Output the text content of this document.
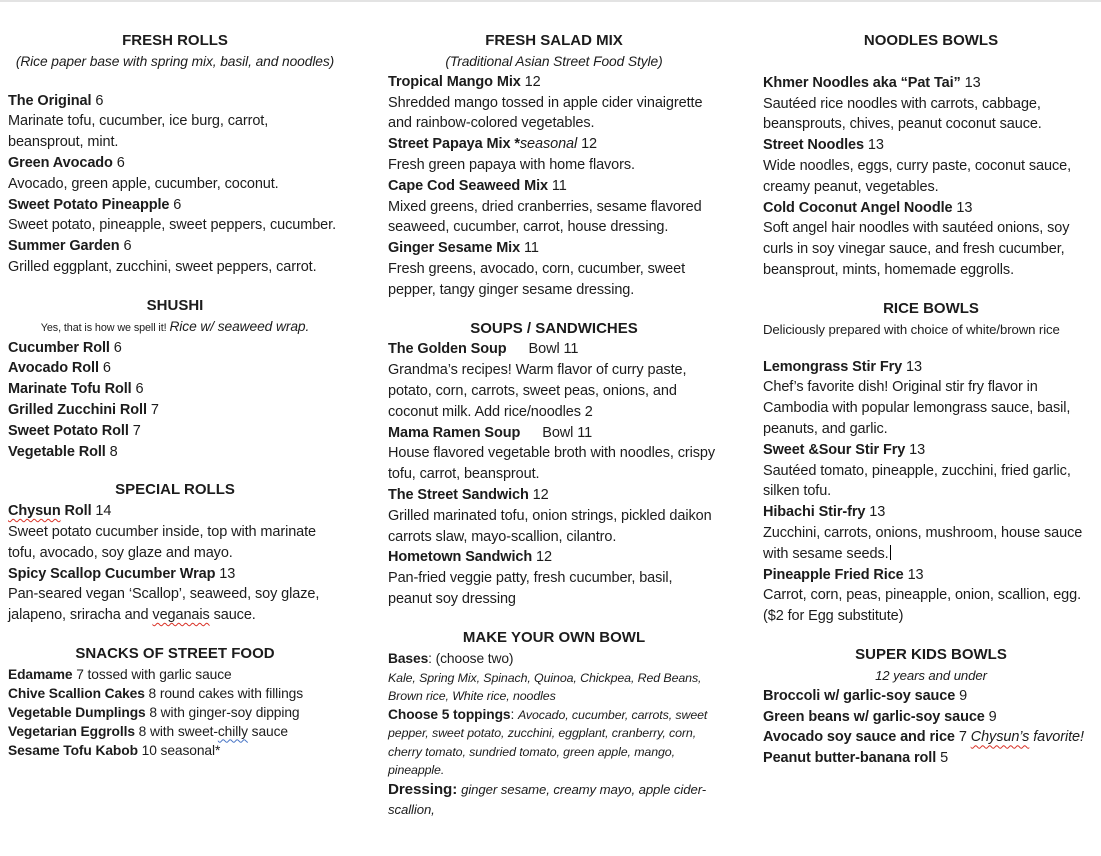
FRESH ROLLS

(Rice paper base with spring mix, basil, and noodles)

The Original 6

Marinate tofu, cucumber, ice burg, carrot, beansprout, mint.

Green Avocado 6

Avocado, green apple, cucumber, coconut.

Sweet Potato Pineapple 6

Sweet potato, pineapple, sweet peppers, cucumber.

Summer Garden 6

Grilled eggplant, zucchini, sweet peppers, carrot.

SHUSHI

Yes, that is how we spell it! Rice w/ seaweed wrap.

Cucumber Roll 6

Avocado Roll 6

Marinate Tofu Roll 6

Grilled Zucchini Roll 7

Sweet Potato Roll 7

Vegetable Roll 8

SPECIAL ROLLS

Chysun Roll 14

Sweet potato cucumber inside, top with marinate tofu, avocado, soy glaze and mayo.

Spicy Scallop Cucumber Wrap 13

Pan-seared vegan ‘Scallop’, seaweed, soy glaze, jalapeno, sriracha and veganais sauce.

SNACKS OF STREET FOOD

Edamame 7 tossed with garlic sauce

Chive Scallion Cakes 8 round cakes with fillings

Vegetable Dumplings 8 with ginger-soy dipping

Vegetarian Eggrolls 8 with sweet-chilly sauce

Sesame Tofu Kabob 10 seasonal*

FRESH SALAD MIX

(Traditional Asian Street Food Style)

Tropical Mango Mix 12

Shredded mango tossed in apple cider vinaigrette and rainbow-colored vegetables.

Street Papaya Mix *seasonal 12

Fresh green papaya with home flavors.

Cape Cod Seaweed Mix 11

Mixed greens, dried cranberries, sesame flavored seaweed, cucumber, carrot, house dressing.

Ginger Sesame Mix 11

Fresh greens, avocado, corn, cucumber, sweet pepper, tangy ginger sesame dressing.

SOUPS / SANDWICHES

The Golden Soup Bowl 11

Grandma’s recipes! Warm flavor of curry paste, potato, corn, carrots, sweet peas, onions, and coconut milk. Add rice/noodles 2

Mama Ramen Soup Bowl 11

House flavored vegetable broth with noodles, crispy tofu, carrot, beansprout.

The Street Sandwich 12

Grilled marinated tofu, onion strings, pickled daikon carrots slaw, mayo-scallion, cilantro.

Hometown Sandwich 12

Pan-fried veggie patty, fresh cucumber, basil, peanut soy dressing

MAKE YOUR OWN BOWL

Bases: (choose two)

Kale, Spring Mix, Spinach, Quinoa, Chickpea, Red Beans, Brown rice, White rice, noodles

Choose 5 toppings: Avocado, cucumber, carrots, sweet pepper, sweet potato, zucchini, eggplant, cranberry, corn, cherry tomato, sundried tomato, green apple, mango, pineapple.

Dressing: ginger sesame, creamy mayo, apple cider-scallion,

NOODLES BOWLS

Khmer Noodles aka “Pat Tai” 13

Sautéed rice noodles with carrots, cabbage, beansprouts, chives, peanut coconut sauce.

Street Noodles 13

Wide noodles, eggs, curry paste, coconut sauce, creamy peanut, vegetables.

Cold Coconut Angel Noodle 13

Soft angel hair noodles with sautéed onions, soy curls in soy vinegar sauce, and fresh cucumber, beansprout, mints, homemade eggrolls.

RICE BOWLS

Deliciously prepared with choice of white/brown rice

Lemongrass Stir Fry 13

Chef’s favorite dish! Original stir fry flavor in Cambodia with popular lemongrass sauce, basil, peanuts, and garlic.

Sweet &Sour Stir Fry 13

Sautéed tomato, pineapple, zucchini, fried garlic, silken tofu.

Hibachi Stir-fry 13

Zucchini, carrots, onions, mushroom, house sauce with sesame seeds.

Pineapple Fried Rice 13

Carrot, corn, peas, pineapple, onion, scallion, egg. ($2 for Egg substitute)

SUPER KIDS BOWLS

12 years and under

Broccoli w/ garlic-soy sauce 9

Green beans w/ garlic-soy sauce 9

Avocado soy sauce and rice 7 Chysun’s favorite!

Peanut butter-banana roll 5
